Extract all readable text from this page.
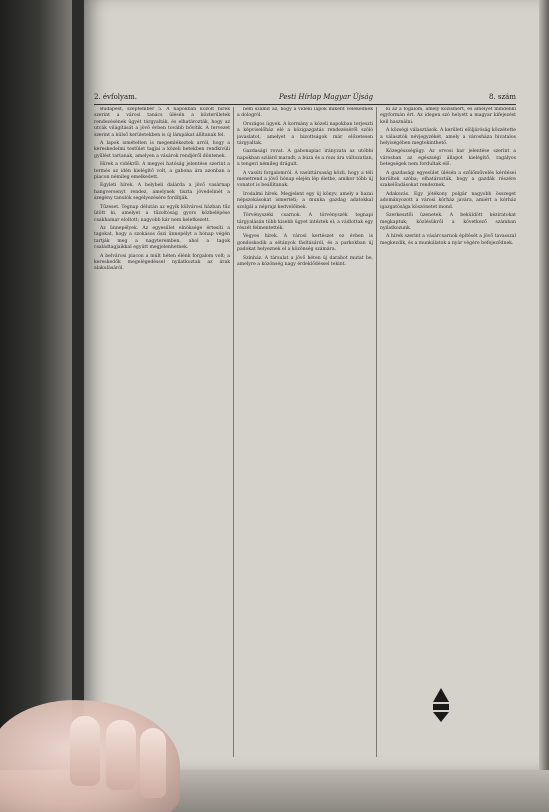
2. évfolyam.	Pesti Hírlap Magyar Újság	8. szám

Budapest, szeptember 5. A napokban közölt hírek szerint a városi tanács ülésén a közterületek rendezésének ügyét tárgyalták, és elhatározták, hogy az utcák világítását a jövő évben tovább bővítik. A tervezet szerint a külső kerületekben is új lámpákat állítanak fel.

A lapok ismételten is megemlékeztek arról, hogy a kereskedelmi testület tagjai a közeli hetekben rendkívüli gyűlést tartanak, amelyen a vásárok rendjéről döntenek.

Hírek a vidékről. A megyei hatóság jelentése szerint a termés az idén kielégítő volt, a gabona ára azonban a piacon némileg emelkedett.

Egyleti hírek. A helybeli dalárda a jövő vasárnap hangversenyt rendez, amelynek tiszta jövedelmét a szegény tanulók segélyezésére fordítják.

Tűzeset. Tegnap délután az egyik külvárosi házban tűz ütött ki, amelyet a tűzoltóság gyors közbelépése csakhamar eloltott; nagyobb kár nem keletkezett.

Az ünnepélyek. Az egyesület elnöksége értesíti a tagokat, hogy a szokásos őszi ünnepélyt a hónap végén tartják meg a nagyteremben, ahol a tagok családtagjaikkal együtt megjelenhetnek.

A belvárosi piacon a múlt héten élénk forgalom volt; a kereskedők megelégedéssel nyilatkoztak az árak alakulásáról.

nem számít az, hogy a vidéki lapok miként vélekednek a dologról.

Országos ügyek. A kormány a közeli napokban terjeszti a képviselőház elé a közigazgatás rendezéséről szóló javaslatot, amelyet a bizottságok már előzetesen tárgyaltak.

Gazdasági rovat. A gabonapiac irányzata az utóbbi napokban szilárd maradt; a búza és a rozs ára változatlan, a tengeri némileg drágult.

A vasúti forgalomról. A vasúttársaság közli, hogy a téli menetrend a jövő hónap elején lép életbe, amikor több új vonatot is beállítanak.

Irodalmi hírek. Megjelent egy új könyv, amely a hazai népszokásokat ismerteti; a munka gazdag adatokkal szolgál a néprajz kedvelőinek.

Törvényszéki csarnok. A törvényszék tegnapi tárgyalásán több kisebb ügyet intéztek el; a vádlottak egy részét felmentették.

Vegyes hírek. A városi kertészet ez évben is gondoskodik a sétányok fásításáról, és a parkokban új padokat helyeznek el a közönség számára.

Színház. A társulat a jövő héten új darabot mutat be, amelyre a közönség nagy érdeklődéssel tekint.

ki az a fogalom, amely közismert, és amelyet mindenki egyformán ért. Az idegen szó helyett a magyar kifejezést kell használni.

A községi választások. A kerületi elöljáróság közzétette a választók névjegyzékét, amely a városháza hivatalos helyiségében megtekinthető.

Közegészségügy. Az orvosi kar jelentése szerint a városban az egészségi állapot kielégítő, ragályos betegségek nem fordultak elő.

A gazdasági egyesület ülésén a szőlőművelés kérdései kerültek szóba; elhatározták, hogy a gazdák részére szakelőadásokat rendeznek.

Adakozás. Egy jótékony polgár nagyobb összeget adományozott a városi kórház javára, amiért a kórház igazgatósága köszönetet mond.

Szerkesztői üzenetek. A beküldött kéziratokat megkaptuk; közlésükről a következő számban nyilatkozunk.

A hírek szerint a vásárcsarnok építését a jövő tavasszal megkezdik, és a munkálatok a nyár végére befejeződnek.
